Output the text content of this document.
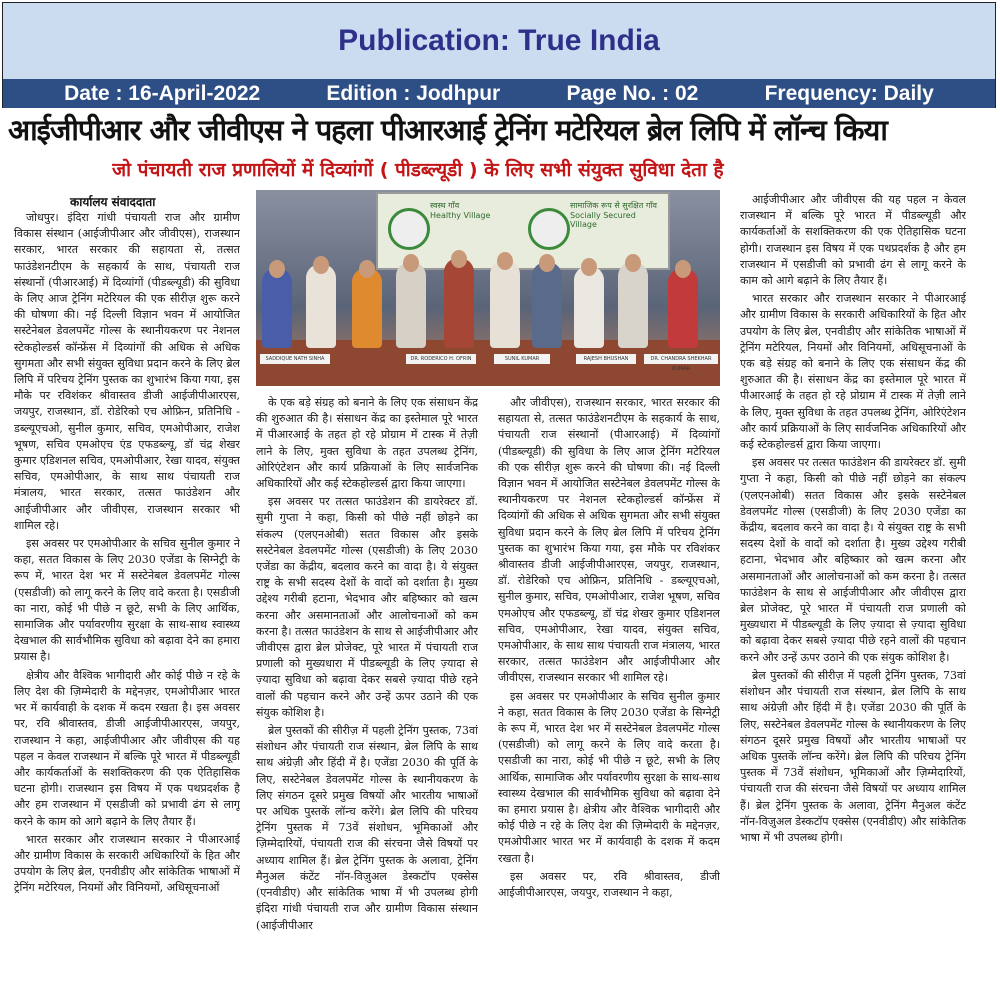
Publication: True India
Date : 16-April-2022	Edition : Jodhpur	Page No. : 02	Frequency: Daily
आईजीपीआर और जीवीएस ने पहला पीआरआई ट्रेनिंग मटेरियल ब्रेल लिपि में लॉन्च किया
जो पंचायती राज प्रणालियों में दिव्यांगों ( पीडब्ल्यूडी ) के लिए सभी संयुक्त सुविधा देता है
कार्यालय संवाददाता

जोधपुर। इंदिरा गांधी पंचायती राज और ग्रामीण विकास संस्थान (आईजीपीआर और जीवीएस), राजस्थान सरकार, भारत सरकार की सहायता से, तत्सत फाउंडेशनटीएम के सहकार्य के साथ, पंचायती राज संस्थानों (पीआरआई) में दिव्यांगों (पीडब्ल्यूडी) की सुविधा के लिए आज ट्रेनिंग मटेरियल की एक सीरीज़ शुरू करने की घोषणा की। नई दिल्ली विज्ञान भवन में आयोजित सस्टेनेबल डेवलपमेंट गोल्स के स्थानीयकरण पर नेशनल स्टेकहोल्डर्स कॉन्फ्रेंस में दिव्यांगों की अधिक से अधिक सुगमता और सभी संयुक्त सुविधा प्रदान करने के लिए ब्रेल लिपि में परिचय ट्रेनिंग पुस्तक का शुभारंभ किया गया, इस मौके पर रविशंकर श्रीवास्तव डीजी आईजीपीआरएस, जयपुर, राजस्थान, डॉ. रोडेरिको एच ओफ्रिन, प्रतिनिधि - डब्ल्यूएचओ, सुनील कुमार, सचिव, एमओपीआर, राजेश भूषण, सचिव एमओएच एंड एफडब्ल्यू, डॉ चंद्र शेखर कुमार एडिशनल सचिव, एमओपीआर, रेखा यादव, संयुक्त सचिव, एमओपीआर, के साथ साथ पंचायती राज मंत्रालय, भारत सरकार, तत्सत फाउंडेशन और आईजीपीआर और जीवीएस, राजस्थान सरकार भी शामिल रहे।

इस अवसर पर एमओपीआर के सचिव सुनील कुमार ने कहा, सतत विकास के लिए 2030 एजेंडा के सिग्नेट्री के रूप में, भारत देश भर में सस्टेनेबल डेवलपमेंट गोल्स (एसडीजी) को लागू करने के लिए वादे करता है। एसडीजी का नारा, कोई भी पीछे न छूटे, सभी के लिए आर्थिक, सामाजिक और पर्यावरणीय सुरक्षा के साथ-साथ स्वास्थ्य देखभाल की सार्वभौमिक सुविधा को बढ़ावा देने का हमारा प्रयास है।

क्षेत्रीय और वैश्विक भागीदारी और कोई पीछे न रहे के लिए देश की ज़िम्मेदारी के मद्देनज़र, एमओपीआर भारत भर में कार्यवाही के दशक में कदम रखता है। इस अवसर पर, रवि श्रीवास्तव, डीजी आईजीपीआरएस, जयपुर, राजस्थान ने कहा, आईजीपीआर और जीवीएस की यह पहल न केवल राजस्थान में बल्कि पूरे भारत में पीडब्ल्यूडी और कार्यकर्ताओं के सशक्तिकरण की एक ऐतिहासिक घटना होगी। राजस्थान इस विषय में एक पथप्रदर्शक है और हम राजस्थान में एसडीजी को प्रभावी ढंग से लागू करने के काम को आगे बढ़ाने के लिए तैयार हैं।

भारत सरकार और राजस्थान सरकार ने पीआरआई और ग्रामीण विकास के सरकारी अधिकारियों के हित और उपयोग के लिए ब्रेल, एनवीडीए और सांकेतिक भाषाओं में ट्रेनिंग मटेरियल, नियमों और विनियमों, अधिसूचनाओं

स्वस्थ गाँव
Healthy Village
सामाजिक रूप से सुरक्षित गाँव
Socially Secured Village
SADDIQUE NATH SINHA	DR. RODERICO H. OFRIN	SUNIL KUMAR	RAJESH BHUSHAN	DR. CHANDRA SHEKHAR KUMAR

के एक बड़े संग्रह को बनाने के लिए एक संसाधन केंद्र की शुरुआत की है। संसाधन केंद्र का इस्तेमाल पूरे भारत में पीआरआई के तहत हो रहे प्रोग्राम में टास्क में तेज़ी लाने के लिए, मुक्त सुविधा के तहत उपलब्ध ट्रेनिंग, ओरिएंटेशन और कार्य प्रक्रियाओं के लिए सार्वजनिक अधिकारियों और कई स्टेकहोल्डर्स द्वारा किया जाएगा।

इस अवसर पर तत्सत फाउंडेशन की डायरेक्टर डॉ. सुमी गुप्ता ने कहा, किसी को पीछे नहीं छोड़ने का संकल्प (एलएनओबी) सतत विकास और इसके सस्टेनेबल डेवलपमेंट गोल्स (एसडीजी) के लिए 2030 एजेंडा का केंद्रीय, बदलाव करने का वादा है। ये संयुक्त राष्ट्र के सभी सदस्य देशों के वादों को दर्शाता है। मुख्य उद्देश्य गरीबी हटाना, भेदभाव और बहिष्कार को खत्म करना और असमानताओं और आलोचनाओं को कम करना है। तत्सत फाउंडेशन के साथ से आईजीपीआर और जीवीएस द्वारा ब्रेल प्रोजेक्ट, पूरे भारत में पंचायती राज प्रणाली को मुख्यधारा में पीडब्ल्यूडी के लिए ज़्यादा से ज़्यादा सुविधा को बढ़ावा देकर सबसे ज़्यादा पीछे रहने वालों की पहचान करने और उन्हें ऊपर उठाने की एक संयुक कोशिश है।

ब्रेल पुस्तकों की सीरीज़ में पहली ट्रेनिंग पुस्तक, 73वां संशोधन और पंचायती राज संस्थान, ब्रेल लिपि के साथ साथ अंग्रेज़ी और हिंदी में है। एजेंडा 2030 की पूर्ति के लिए, सस्टेनेबल डेवलपमेंट गोल्स के स्थानीयकरण के लिए संगठन दूसरे प्रमुख विषयों और भारतीय भाषाओं पर अधिक पुस्तकें लॉन्च करेंगे। ब्रेल लिपि की परिचय ट्रेनिंग पुस्तक में 73वें संशोधन, भूमिकाओं और ज़िम्मेदारियों, पंचायती राज की संरचना जैसे विषयों पर अध्याय शामिल हैं। ब्रेल ट्रेनिंग पुस्तक के अलावा, ट्रेनिंग मैनुअल कंटेंट नॉन-विज़ुअल डेस्कटॉप एक्सेस (एनवीडीए) और सांकेतिक भाषा में भी उपलब्ध होगी इंदिरा गांधी पंचायती राज और ग्रामीण विकास संस्थान (आईजीपीआर

और जीवीएस), राजस्थान सरकार, भारत सरकार की सहायता से, तत्सत फाउंडेशनटीएम के सहकार्य के साथ, पंचायती राज संस्थानों (पीआरआई) में दिव्यांगों (पीडब्ल्यूडी) की सुविधा के लिए आज ट्रेनिंग मटेरियल की एक सीरीज़ शुरू करने की घोषणा की। नई दिल्ली विज्ञान भवन में आयोजित सस्टेनेबल डेवलपमेंट गोल्स के स्थानीयकरण पर नेशनल स्टेकहोल्डर्स कॉन्फ्रेंस में दिव्यांगों की अधिक से अधिक सुगमता और सभी संयुक्त सुविधा प्रदान करने के लिए ब्रेल लिपि में परिचय ट्रेनिंग पुस्तक का शुभारंभ किया गया, इस मौके पर रविशंकर श्रीवास्तव डीजी आईजीपीआरएस, जयपुर, राजस्थान, डॉ. रोडेरिको एच ओफ्रिन, प्रतिनिधि - डब्ल्यूएचओ, सुनील कुमार, सचिव, एमओपीआर, राजेश भूषण, सचिव एमओएच और एफडब्ल्यू, डॉ चंद्र शेखर कुमार एडिशनल सचिव, एमओपीआर, रेखा यादव, संयुक्त सचिव, एमओपीआर, के साथ साथ पंचायती राज मंत्रालय, भारत सरकार, तत्सत फाउंडेशन और आईजीपीआर और जीवीएस, राजस्थान सरकार भी शामिल रहे।

इस अवसर पर एमओपीआर के सचिव सुनील कुमार ने कहा, सतत विकास के लिए 2030 एजेंडा के सिग्नेट्री के रूप में, भारत देश भर में सस्टेनेबल डेवलपमेंट गोल्स (एसडीजी) को लागू करने के लिए वादे करता है। एसडीजी का नारा, कोई भी पीछे न छूटे, सभी के लिए आर्थिक, सामाजिक और पर्यावरणीय सुरक्षा के साथ-साथ स्वास्थ्य देखभाल की सार्वभौमिक सुविधा को बढ़ावा देने का हमारा प्रयास है। क्षेत्रीय और वैश्विक भागीदारी और कोई पीछे न रहे के लिए देश की ज़िम्मेदारी के मद्देनज़र, एमओपीआर भारत भर में कार्यवाही के दशक में कदम रखता है।

इस अवसर पर, रवि श्रीवास्तव, डीजी आईजीपीआरएस, जयपुर, राजस्थान ने कहा,

आईजीपीआर और जीवीएस की यह पहल न केवल राजस्थान में बल्कि पूरे भारत में पीडब्ल्यूडी और कार्यकर्ताओं के सशक्तिकरण की एक ऐतिहासिक घटना होगी। राजस्थान इस विषय में एक पथप्रदर्शक है और हम राजस्थान में एसडीजी को प्रभावी ढंग से लागू करने के काम को आगे बढ़ाने के लिए तैयार हैं।

भारत सरकार और राजस्थान सरकार ने पीआरआई और ग्रामीण विकास के सरकारी अधिकारियों के हित और उपयोग के लिए ब्रेल, एनवीडीए और सांकेतिक भाषाओं में ट्रेनिंग मटेरियल, नियमों और विनियमों, अधिसूचनाओं के एक बड़े संग्रह को बनाने के लिए एक संसाधन केंद्र की शुरुआत की है। संसाधन केंद्र का इस्तेमाल पूरे भारत में पीआरआई के तहत हो रहे प्रोग्राम में टास्क में तेज़ी लाने के लिए, मुक्त सुविधा के तहत उपलब्ध ट्रेनिंग, ओरिएंटेशन और कार्य प्रक्रियाओं के लिए सार्वजनिक अधिकारियों और कई स्टेकहोल्डर्स द्वारा किया जाएगा।

इस अवसर पर तत्सत फाउंडेशन की डायरेक्टर डॉ. सुमी गुप्ता ने कहा, किसी को पीछे नहीं छोड़ने का संकल्प (एलएनओबी) सतत विकास और इसके सस्टेनेबल डेवलपमेंट गोल्स (एसडीजी) के लिए 2030 एजेंडा का केंद्रीय, बदलाव करने का वादा है। ये संयुक्त राष्ट्र के सभी सदस्य देशों के वादों को दर्शाता है। मुख्य उद्देश्य गरीबी हटाना, भेदभाव और बहिष्कार को खत्म करना और असमानताओं और आलोचनाओं को कम करना है। तत्सत फाउंडेशन के साथ से आईजीपीआर और जीवीएस द्वारा ब्रेल प्रोजेक्ट, पूरे भारत में पंचायती राज प्रणाली को मुख्यधारा में पीडब्ल्यूडी के लिए ज़्यादा से ज़्यादा सुविधा को बढ़ावा देकर सबसे ज़्यादा पीछे रहने वालों की पहचान करने और उन्हें ऊपर उठाने की एक संयुक कोशिश है।

ब्रेल पुस्तकों की सीरीज़ में पहली ट्रेनिंग पुस्तक, 73वां संशोधन और पंचायती राज संस्थान, ब्रेल लिपि के साथ साथ अंग्रेज़ी और हिंदी में है। एजेंडा 2030 की पूर्ति के लिए, सस्टेनेबल डेवलपमेंट गोल्स के स्थानीयकरण के लिए संगठन दूसरे प्रमुख विषयों और भारतीय भाषाओं पर अधिक पुस्तकें लॉन्च करेंगे। ब्रेल लिपि की परिचय ट्रेनिंग पुस्तक में 73वें संशोधन, भूमिकाओं और ज़िम्मेदारियों, पंचायती राज की संरचना जैसे विषयों पर अध्याय शामिल हैं। ब्रेल ट्रेनिंग पुस्तक के अलावा, ट्रेनिंग मैनुअल कंटेंट नॉन-विज़ुअल डेस्कटॉप एक्सेस (एनवीडीए) और सांकेतिक भाषा में भी उपलब्ध होगी।
